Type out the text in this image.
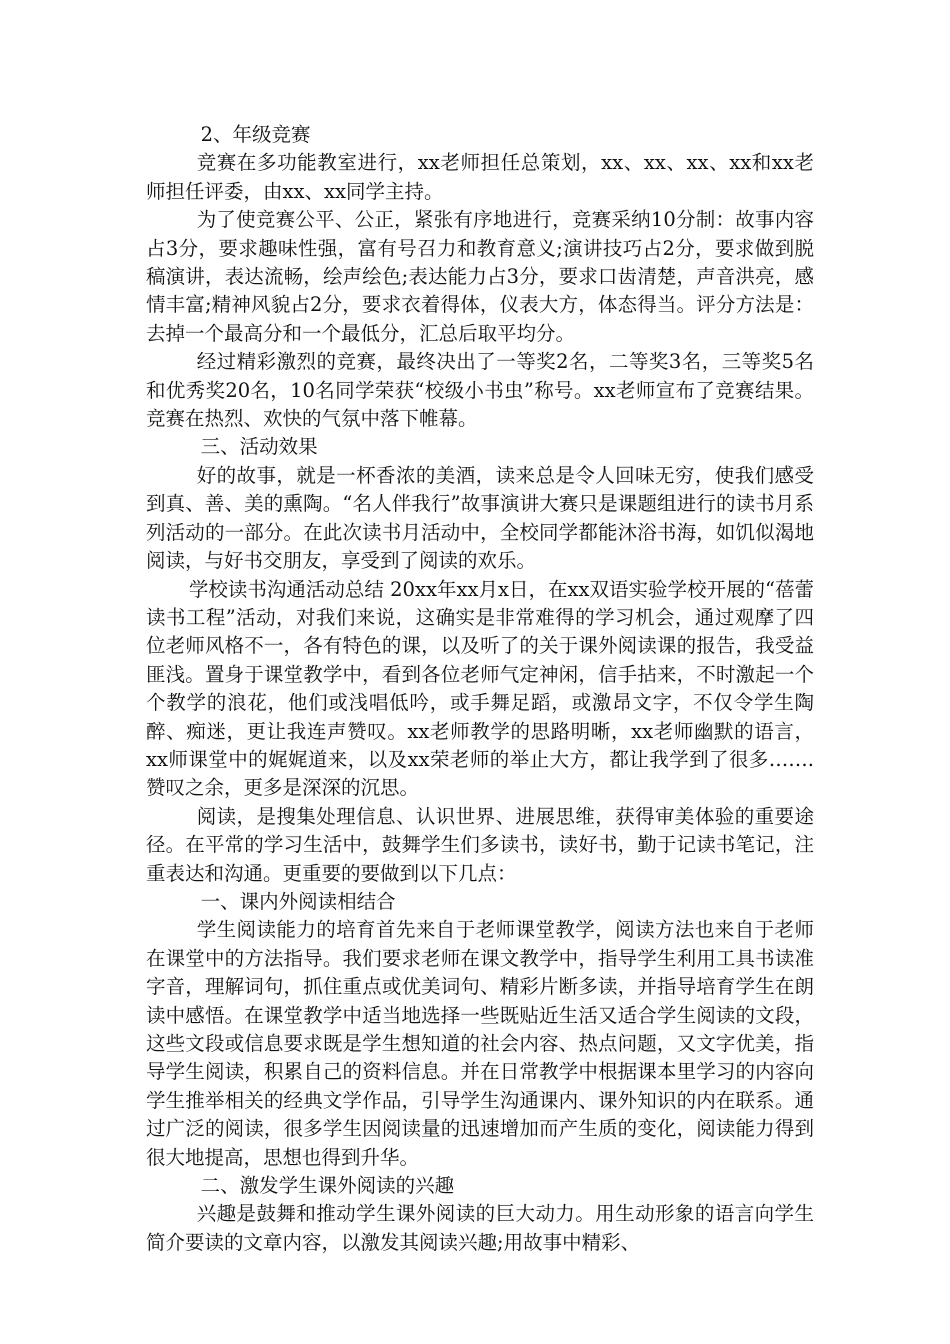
2、年级竞赛

竞赛在多功能教室进行，xx老师担任总策划，xx、xx、xx、xx和xx老师担任评委，由xx、xx同学主持。

为了使竞赛公平、公正，紧张有序地进行，竞赛采纳10分制：故事内容占3分，要求趣味性强，富有号召力和教育意义;演讲技巧占2分，要求做到脱稿演讲，表达流畅，绘声绘色;表达能力占3分，要求口齿清楚，声音洪亮，感情丰富;精神风貌占2分，要求衣着得体，仪表大方，体态得当。评分方法是：去掉一个最高分和一个最低分，汇总后取平均分。

经过精彩激烈的竞赛，最终决出了一等奖2名，二等奖3名，三等奖5名和优秀奖20名，10名同学荣获“校级小书虫”称号。xx老师宣布了竞赛结果。竞赛在热烈、欢快的气氛中落下帷幕。

三、活动效果

好的故事，就是一杯香浓的美酒，读来总是令人回味无穷，使我们感受到真、善、美的熏陶。“名人伴我行”故事演讲大赛只是课题组进行的读书月系列活动的一部分。在此次读书月活动中，全校同学都能沐浴书海，如饥似渴地阅读，与好书交朋友，享受到了阅读的欢乐。

学校读书沟通活动总结 20xx年xx月x日，在xx双语实验学校开展的“蓓蕾读书工程”活动，对我们来说，这确实是非常难得的学习机会，通过观摩了四位老师风格不一，各有特色的课，以及听了的关于课外阅读课的报告，我受益匪浅。置身于课堂教学中，看到各位老师气定神闲，信手拈来，不时激起一个个教学的浪花，他们或浅唱低吟，或手舞足蹈，或激昂文字，不仅令学生陶醉、痴迷，更让我连声赞叹。xx老师教学的思路明晰，xx老师幽默的语言，xx师课堂中的娓娓道来，以及xx荣老师的举止大方，都让我学到了很多…….赞叹之余，更多是深深的沉思。

阅读，是搜集处理信息、认识世界、进展思维，获得审美体验的重要途径。在平常的学习生活中，鼓舞学生们多读书，读好书，勤于记读书笔记，注重表达和沟通。更重要的要做到以下几点：

一、课内外阅读相结合

学生阅读能力的培育首先来自于老师课堂教学，阅读方法也来自于老师在课堂中的方法指导。我们要求老师在课文教学中，指导学生利用工具书读准字音，理解词句，抓住重点或优美词句、精彩片断多读，并指导培育学生在朗读中感悟。在课堂教学中适当地选择一些既贴近生活又适合学生阅读的文段，这些文段或信息要求既是学生想知道的社会内容、热点问题，又文字优美，指导学生阅读，积累自己的资料信息。并在日常教学中根据课本里学习的内容向学生推举相关的经典文学作品，引导学生沟通课内、课外知识的内在联系。通过广泛的阅读，很多学生因阅读量的迅速增加而产生质的变化，阅读能力得到很大地提高，思想也得到升华。

二、激发学生课外阅读的兴趣

兴趣是鼓舞和推动学生课外阅读的巨大动力。用生动形象的语言向学生简介要读的文章内容，以激发其阅读兴趣;用故事中精彩、
